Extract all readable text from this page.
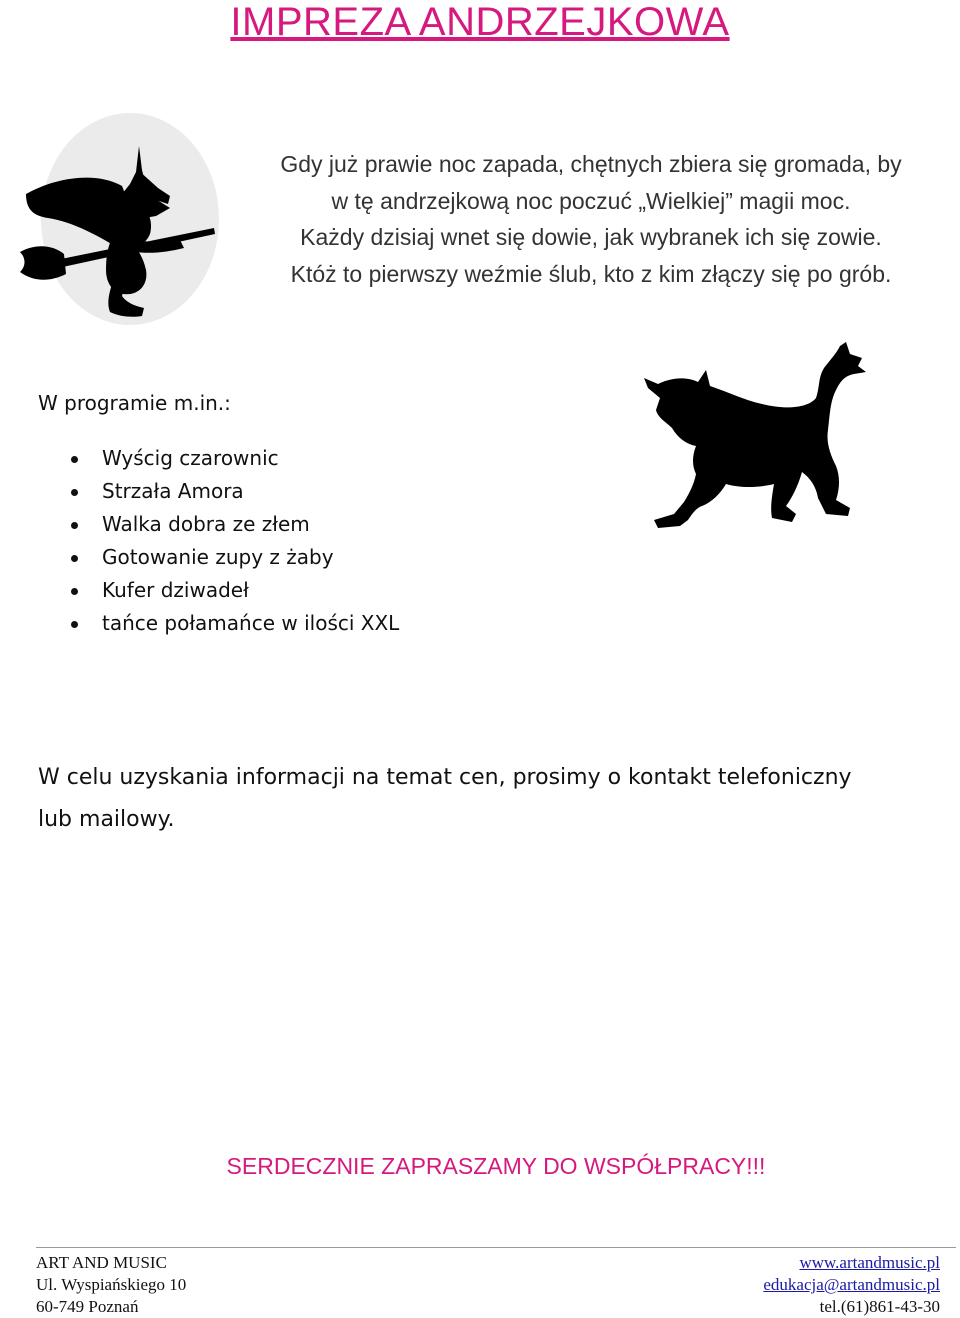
IMPREZA ANDRZEJKOWA
Gdy już prawie noc zapada, chętnych zbiera się gromada, by
w tę andrzejkową noc poczuć „Wielkiej” magii moc.
Każdy dzisiaj wnet się dowie, jak wybranek ich się zowie.
Któż to pierwszy weźmie ślub, kto z kim złączy się po grób.
W programie m.in.:
Wyścig czarownic
Strzała Amora
Walka dobra ze złem
Gotowanie zupy z żaby
Kufer dziwadeł
tańce połamańce w ilości XXL
W celu uzyskania informacji na temat cen, prosimy o kontakt telefoniczny
lub mailowy.
SERDECZNIE ZAPRASZAMY DO WSPÓŁPRACY!!!
ART AND MUSIC
Ul. Wyspiańskiego 10
60-749 Poznań
www.artandmusic.pl
edukacja@artandmusic.pl
tel.(61)861-43-30
